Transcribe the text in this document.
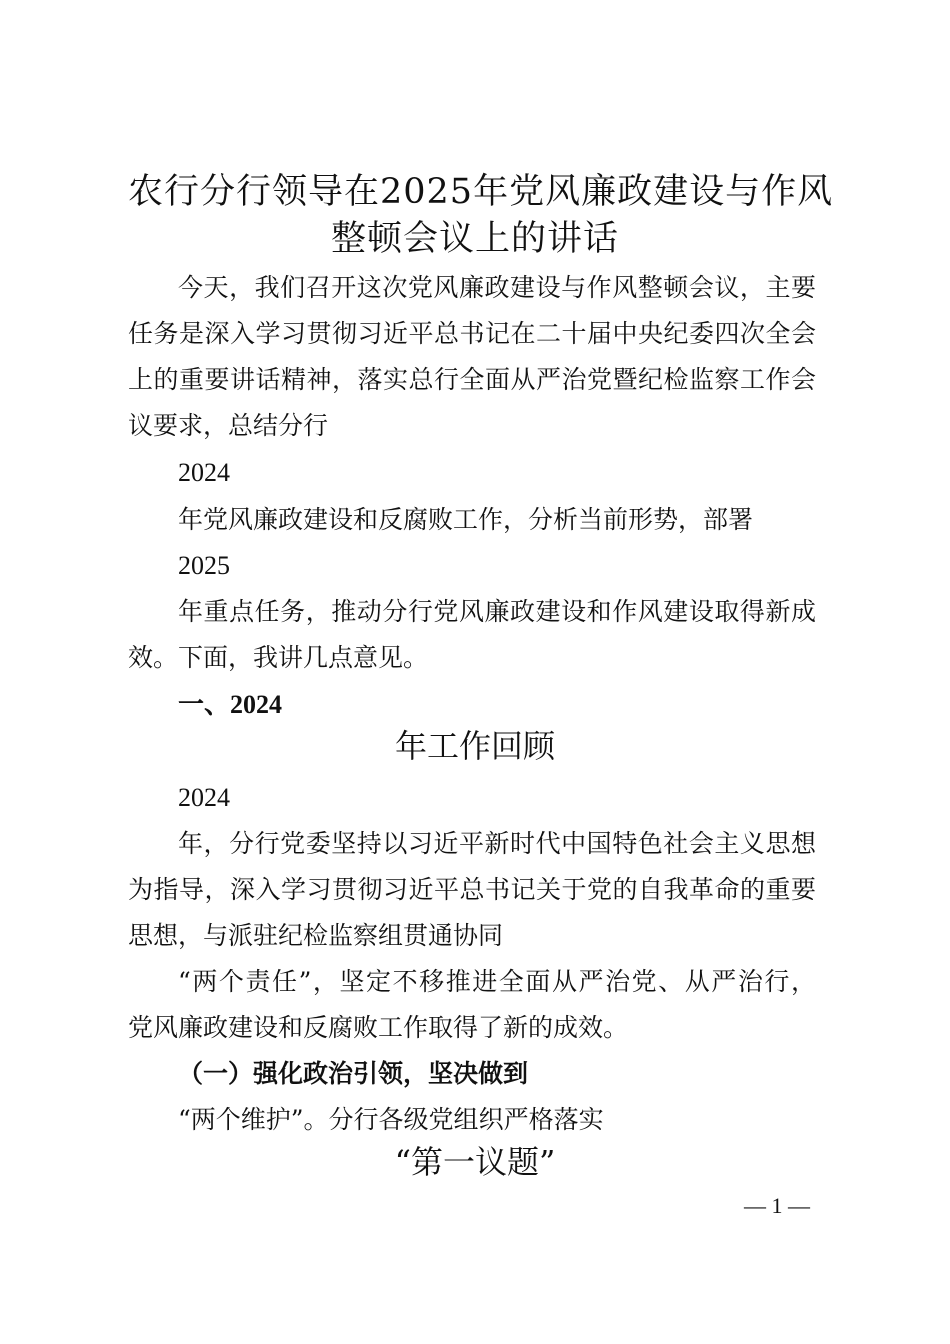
农行分行领导在2025年党风廉政建设与作风
整顿会议上的讲话
今天，我们召开这次党风廉政建设与作风整顿会议，主要
任务是深入学习贯彻习近平总书记在二十届中央纪委四次全会
上的重要讲话精神，落实总行全面从严治党暨纪检监察工作会
议要求，总结分行
2024
年党风廉政建设和反腐败工作，分析当前形势，部署
2025
年重点任务，推动分行党风廉政建设和作风建设取得新成
效。下面，我讲几点意见。
一、2024
年工作回顾
2024
年，分行党委坚持以习近平新时代中国特色社会主义思想
为指导，深入学习贯彻习近平总书记关于党的自我革命的重要
思想，与派驻纪检监察组贯通协同
“两个责任”，坚定不移推进全面从严治党、从严治行，
党风廉政建设和反腐败工作取得了新的成效。
（一）强化政治引领，坚决做到
“两个维护”。分行各级党组织严格落实
“第一议题”
— 1 —
